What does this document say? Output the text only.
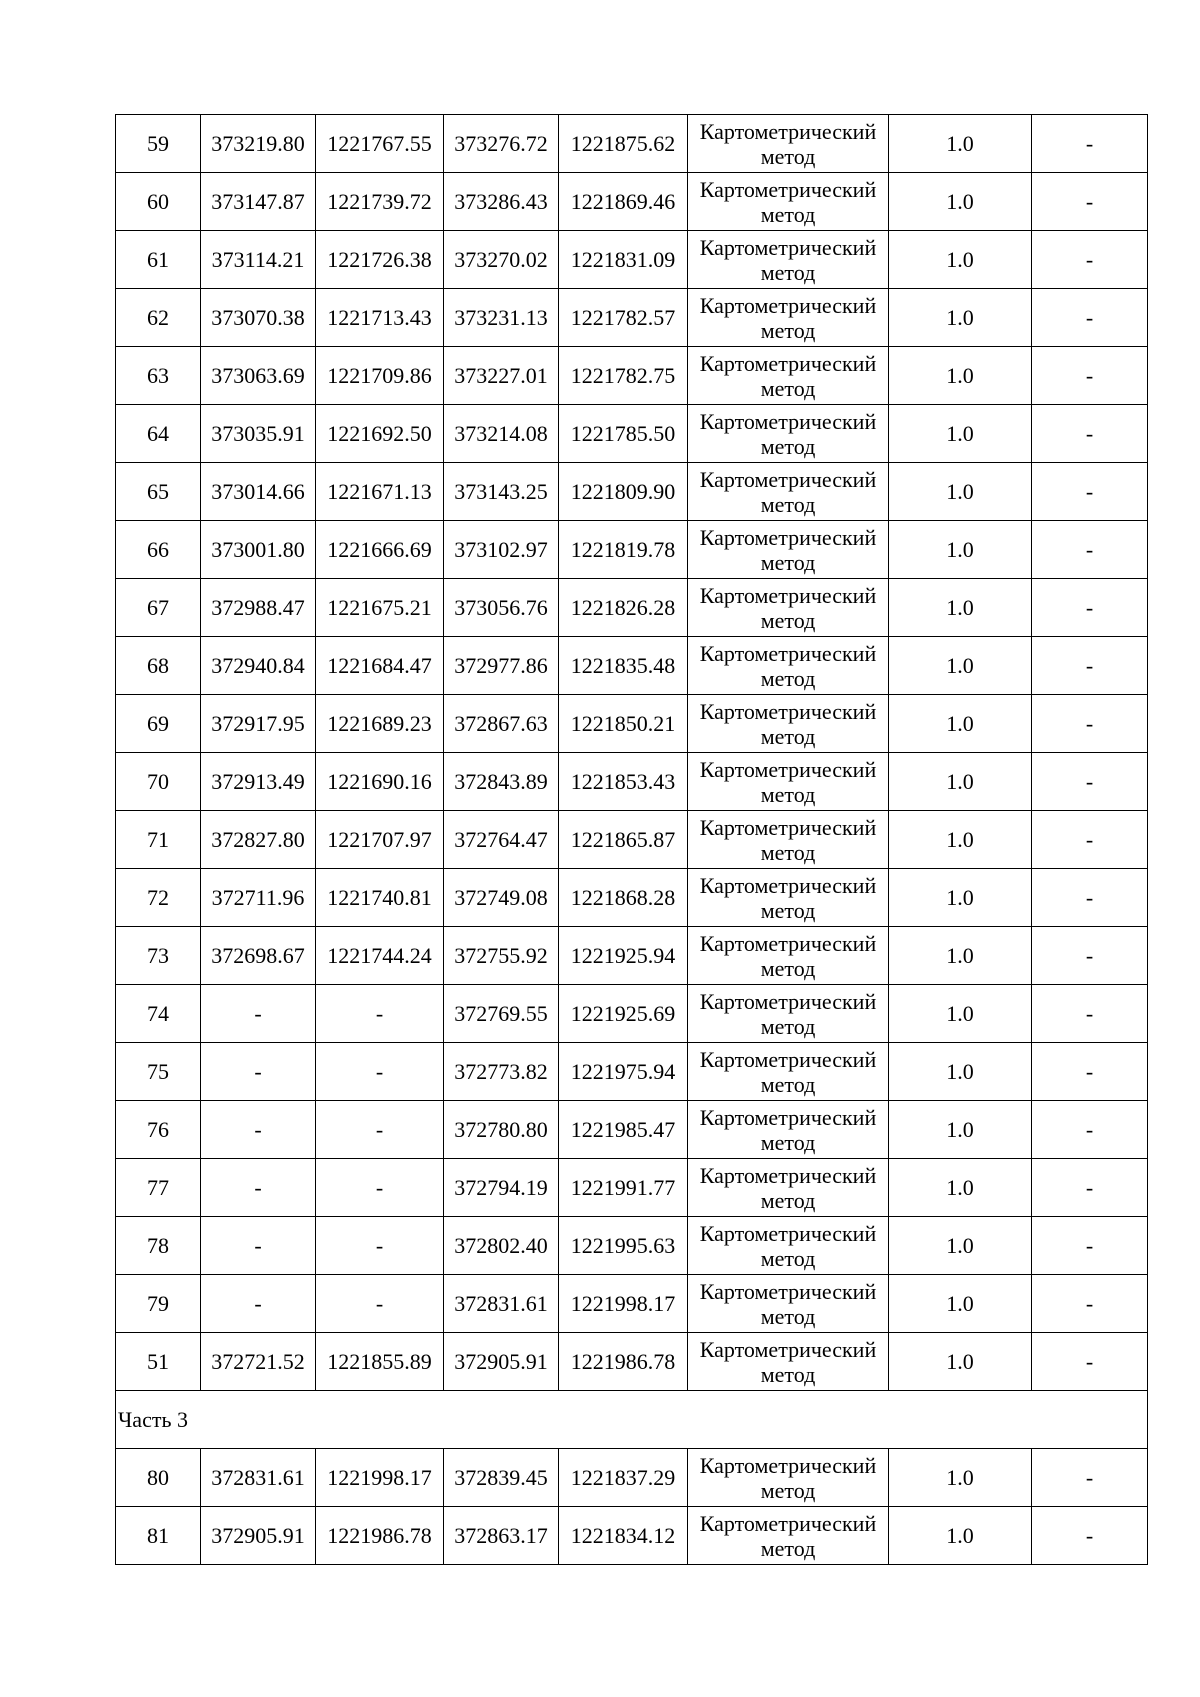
59	373219.80	1221767.55	373276.72	1221875.62	Картометрический
метод	1.0	-
60	373147.87	1221739.72	373286.43	1221869.46	Картометрический
метод	1.0	-
61	373114.21	1221726.38	373270.02	1221831.09	Картометрический
метод	1.0	-
62	373070.38	1221713.43	373231.13	1221782.57	Картометрический
метод	1.0	-
63	373063.69	1221709.86	373227.01	1221782.75	Картометрический
метод	1.0	-
64	373035.91	1221692.50	373214.08	1221785.50	Картометрический
метод	1.0	-
65	373014.66	1221671.13	373143.25	1221809.90	Картометрический
метод	1.0	-
66	373001.80	1221666.69	373102.97	1221819.78	Картометрический
метод	1.0	-
67	372988.47	1221675.21	373056.76	1221826.28	Картометрический
метод	1.0	-
68	372940.84	1221684.47	372977.86	1221835.48	Картометрический
метод	1.0	-
69	372917.95	1221689.23	372867.63	1221850.21	Картометрический
метод	1.0	-
70	372913.49	1221690.16	372843.89	1221853.43	Картометрический
метод	1.0	-
71	372827.80	1221707.97	372764.47	1221865.87	Картометрический
метод	1.0	-
72	372711.96	1221740.81	372749.08	1221868.28	Картометрический
метод	1.0	-
73	372698.67	1221744.24	372755.92	1221925.94	Картометрический
метод	1.0	-
74	-	-	372769.55	1221925.69	Картометрический
метод	1.0	-
75	-	-	372773.82	1221975.94	Картометрический
метод	1.0	-
76	-	-	372780.80	1221985.47	Картометрический
метод	1.0	-
77	-	-	372794.19	1221991.77	Картометрический
метод	1.0	-
78	-	-	372802.40	1221995.63	Картометрический
метод	1.0	-
79	-	-	372831.61	1221998.17	Картометрический
метод	1.0	-
51	372721.52	1221855.89	372905.91	1221986.78	Картометрический
метод	1.0	-
Часть 3							
80	372831.61	1221998.17	372839.45	1221837.29	Картометрический
метод	1.0	-
81	372905.91	1221986.78	372863.17	1221834.12	Картометрический
метод	1.0	-
